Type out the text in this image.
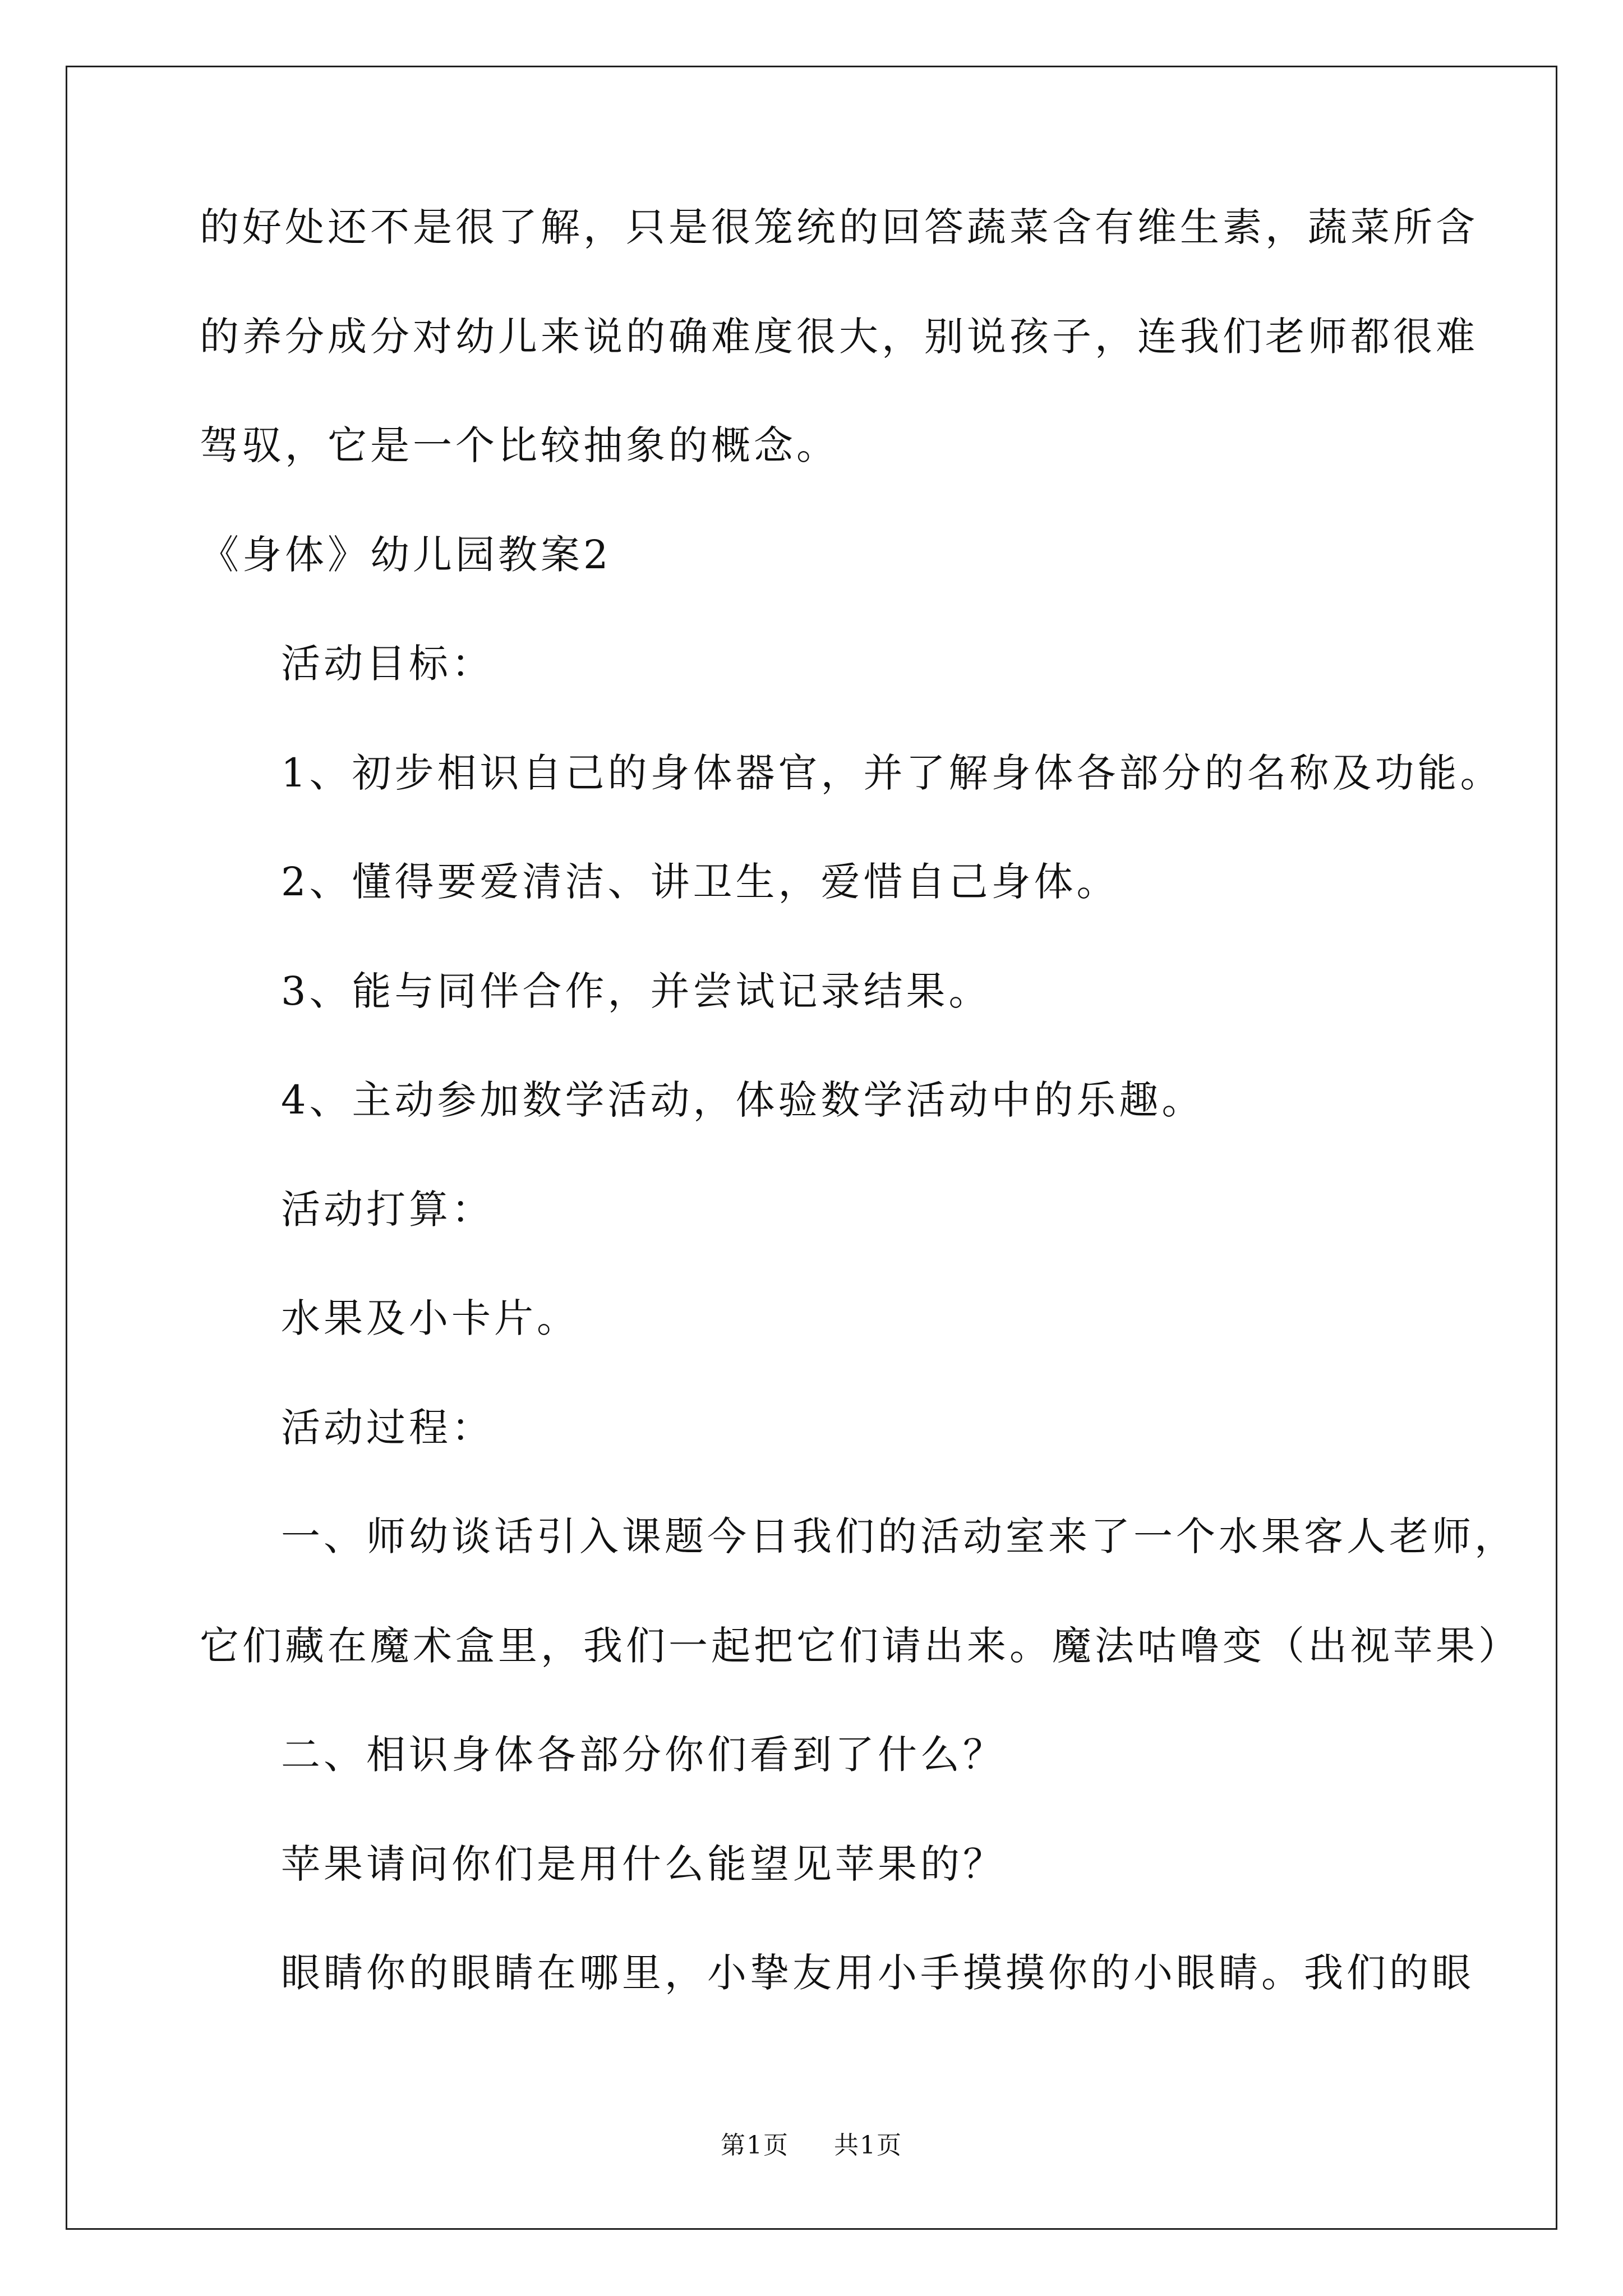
的好处还不是很了解，只是很笼统的回答蔬菜含有维生素，蔬菜所含

的养分成分对幼儿来说的确难度很大，别说孩子，连我们老师都很难

驾驭，它是一个比较抽象的概念。

《身体》幼儿园教案2

活动目标：

1、初步相识自己的身体器官，并了解身体各部分的名称及功能。

2、懂得要爱清洁、讲卫生，爱惜自己身体。

3、能与同伴合作，并尝试记录结果。

4、主动参加数学活动，体验数学活动中的乐趣。

活动打算：

水果及小卡片。

活动过程：

一、师幼谈话引入课题今日我们的活动室来了一个水果客人老师，

它们藏在魔术盒里，我们一起把它们请出来。魔法咕噜变（出视苹果）

二、相识身体各部分你们看到了什么？

苹果请问你们是用什么能望见苹果的？

眼睛你的眼睛在哪里，小挚友用小手摸摸你的小眼睛。我们的眼

第1页 共1页
